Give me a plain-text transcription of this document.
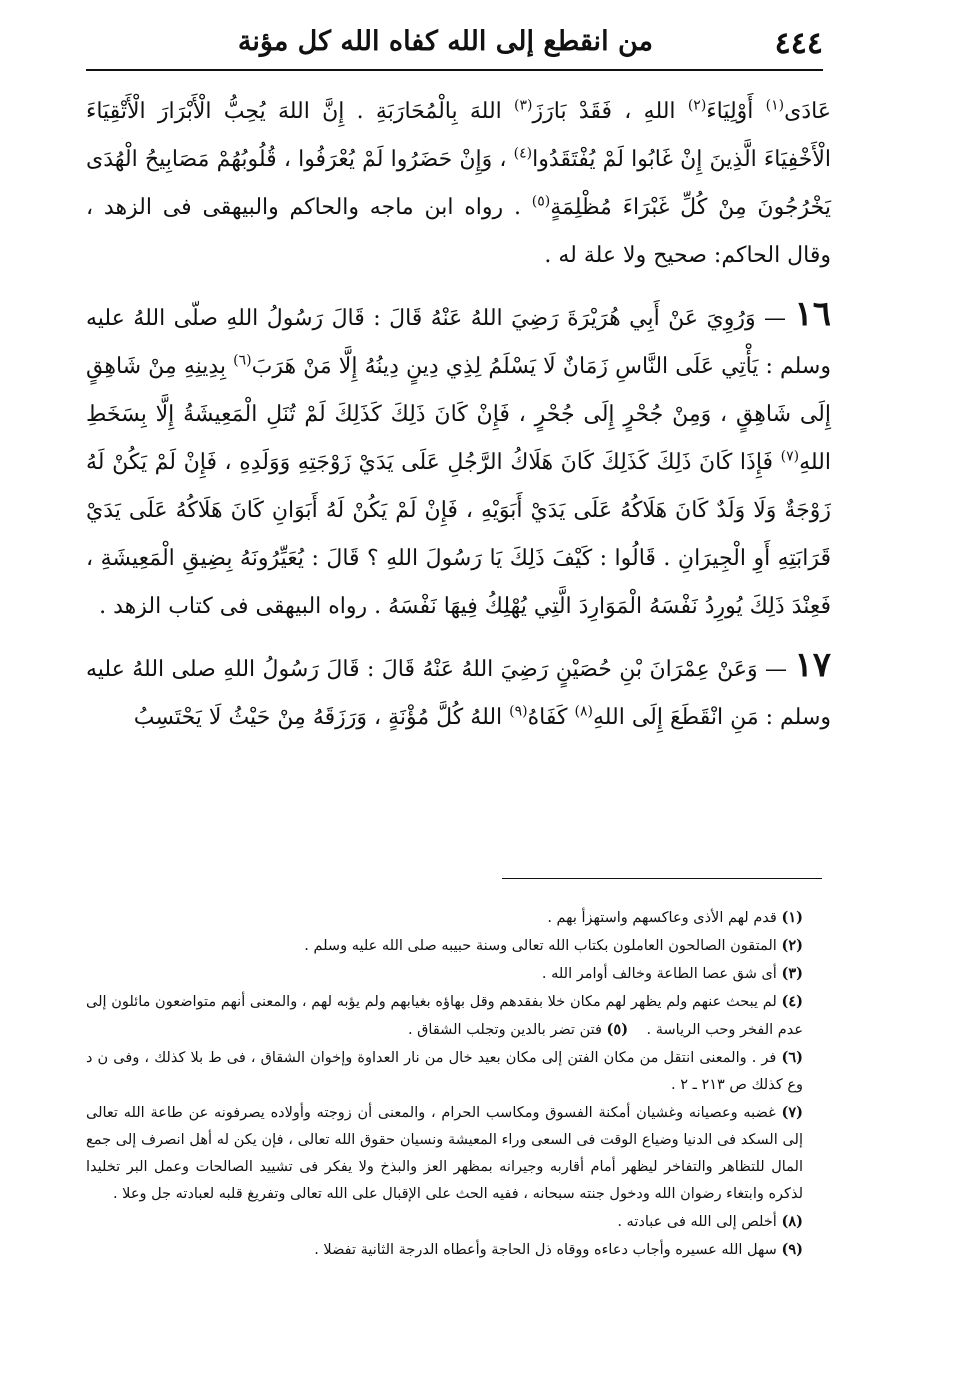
٤٤٤
من انقطع إلى الله كفاه الله كل مؤنة

عَادَى$^{(١)}$ أَوْلِيَاءَ$^{(٢)}$ اللهِ ، فَقَدْ بَارَزَ$^{(٣)}$ اللهَ بِالْمُحَارَبَةِ . إِنَّ اللهَ يُحِبُّ الْأَبْرَارَ الْأَتْقِيَاءَ الْأَخْفِيَاءَ الَّذِينَ إِنْ غَابُوا لَمْ يُفْتَقَدُوا$^{(٤)}$ ، وَإِنْ حَضَرُوا لَمْ يُعْرَفُوا ، قُلُوبُهُمْ مَصَابِيحُ الْهُدَى يَخْرُجُونَ مِنْ كُلِّ غَبْرَاءَ مُظْلِمَةٍ$^{(٥)}$ . رواه ابن ماجه والحاكم والبيهقى فى الزهد ، وقال الحاكم: صحيح ولا علة له .

١٦ — وَرُوِيَ عَنْ أَبِي هُرَيْرَةَ رَضِيَ اللهُ عَنْهُ قَالَ : قَالَ رَسُولُ اللهِ صلّى اللهُ عليه وسلم : يَأْتِي عَلَى النَّاسِ زَمَانٌ لَا يَسْلَمُ لِذِي دِينٍ دِينُهُ إِلَّا مَنْ هَرَبَ$^{(٦)}$ بِدِينِهِ مِنْ شَاهِقٍ إِلَى شَاهِقٍ ، وَمِنْ جُحْرٍ إِلَى جُحْرٍ ، فَإِنْ كَانَ ذَلِكَ كَذَلِكَ لَمْ تُنَلِ الْمَعِيشَةُ إِلَّا بِسَخَطِ اللهِ$^{(٧)}$ فَإِذَا كَانَ ذَلِكَ كَذَلِكَ كَانَ هَلَاكُ الرَّجُلِ عَلَى يَدَيْ زَوْجَتِهِ وَوَلَدِهِ ، فَإِنْ لَمْ يَكُنْ لَهُ زَوْجَةٌ وَلَا وَلَدٌ كَانَ هَلَاكُهُ عَلَى يَدَيْ أَبَوَيْهِ ، فَإِنْ لَمْ يَكُنْ لَهُ أَبَوَانِ كَانَ هَلَاكُهُ عَلَى يَدَيْ قَرَابَتِهِ أَوِ الْجِيرَانِ . قَالُوا : كَيْفَ ذَلِكَ يَا رَسُولَ اللهِ ؟ قَالَ : يُعَيِّرُونَهُ بِضِيقِ الْمَعِيشَةِ ، فَعِنْدَ ذَلِكَ يُورِدُ نَفْسَهُ الْمَوَارِدَ الَّتِي يُهْلِكُ فِيهَا نَفْسَهُ . رواه البيهقى فى كتاب الزهد .

١٧ — وَعَنْ عِمْرَانَ بْنِ حُصَيْنٍ رَضِيَ اللهُ عَنْهُ قَالَ : قَالَ رَسُولُ اللهِ صلى اللهُ عليه وسلم : مَنِ انْقَطَعَ إِلَى اللهِ$^{(٨)}$ كَفَاهُ$^{(٩)}$ اللهُ كُلَّ مُؤْنَةٍ ، وَرَزَقَهُ مِنْ حَيْثُ لَا يَحْتَسِبُ

(١) قدم لهم الأذى وعاكسهم واستهزأ بهم .

(٢) المتقون الصالحون العاملون بكتاب الله تعالى وسنة حبيبه صلى الله عليه وسلم .

(٣) أى شق عصا الطاعة وخالف أوامر الله .

(٤) لم يبحث عنهم ولم يظهر لهم مكان خلا بفقدهم وقل بهاؤه بغيابهم ولم يؤبه لهم ، والمعنى أنهم متواضعون مائلون إلى عدم الفخر وحب الرياسة .    (٥) فتن تضر بالدين وتجلب الشقاق .

(٦) فر . والمعنى انتقل من مكان الفتن إلى مكان بعيد خال من نار العداوة وإخوان الشقاق ، فى ط بلا كذلك ، وفى ن د وع كذلك ص ٢١٣ ـ ٢ .

(٧) غضبه وعصيانه وغشيان أمكنة الفسوق ومكاسب الحرام ، والمعنى أن زوجته وأولاده يصرفونه عن طاعة الله تعالى إلى السكد فى الدنيا وضياع الوقت فى السعى وراء المعيشة ونسيان حقوق الله تعالى ، فإن يكن له أهل انصرف إلى جمع المال للتظاهر والتفاخر ليظهر أمام أقاربه وجيرانه بمظهر العز والبذخ ولا يفكر فى تشييد الصالحات وعمل البر تخليدا لذكره وابتغاء رضوان الله ودخول جنته سبحانه ، ففيه الحث على الإقبال على الله تعالى وتفريغ قلبه لعبادته جل وعلا .

(٨) أخلص إلى الله فى عبادته .

(٩) سهل الله عسيره وأجاب دعاءه ووقاه ذل الحاجة وأعطاه الدرجة الثانية تفضلا .
